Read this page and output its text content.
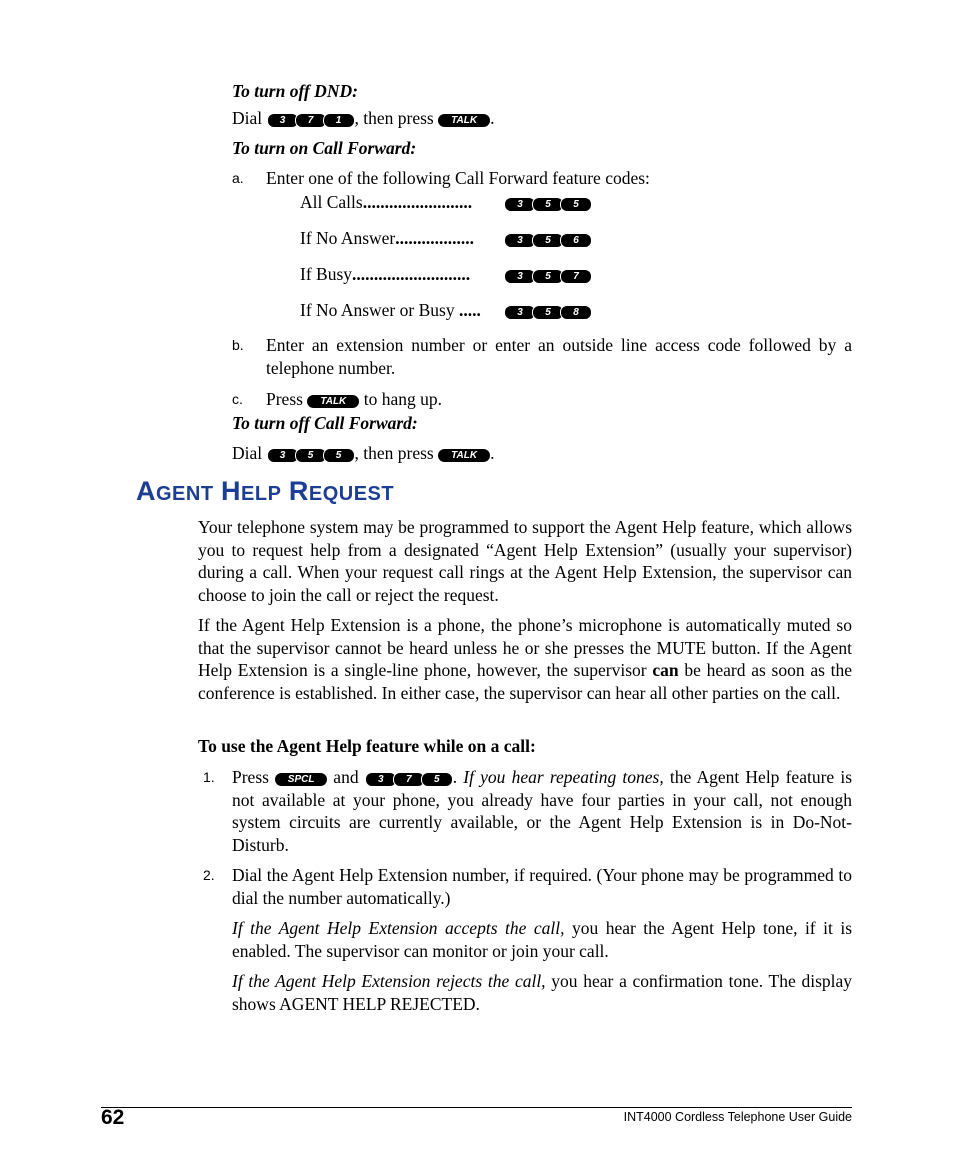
To turn off DND:
Dial 3 7 1 , then press TALK .
To turn on Call Forward:
a. Enter one of the following Call Forward feature codes:
All Calls.........................	3 5 5
If No Answer..................	3 5 6
If Busy...........................	3 5 7
If No Answer or Busy .....	3 5 8
b. Enter an extension number or enter an outside line access code followed by a telephone number.
c. Press TALK to hang up.
To turn off Call Forward:
Dial 3 5 5 , then press TALK .
AGENT HELP REQUEST
Your telephone system may be programmed to support the Agent Help feature, which allows you to request help from a designated “Agent Help Extension” (usually your supervisor) during a call. When your request call rings at the Agent Help Extension, the supervisor can choose to join the call or reject the request.
If the Agent Help Extension is a phone, the phone’s microphone is automatically muted so that the supervisor cannot be heard unless he or she presses the MUTE button. If the Agent Help Extension is a single-line phone, however, the supervisor can be heard as soon as the conference is established. In either case, the supervisor can hear all other parties on the call.
To use the Agent Help feature while on a call:
1. Press SPCL and 3 7 5 . If you hear repeating tones, the Agent Help feature is not available at your phone, you already have four parties in your call, not enough system circuits are currently available, or the Agent Help Extension is in Do-Not-Disturb.
2. Dial the Agent Help Extension number, if required. (Your phone may be programmed to dial the number automatically.)
If the Agent Help Extension accepts the call, you hear the Agent Help tone, if it is enabled. The supervisor can monitor or join your call.
If the Agent Help Extension rejects the call, you hear a confirmation tone. The display shows AGENT HELP REJECTED.
62	INT4000 Cordless Telephone User Guide
